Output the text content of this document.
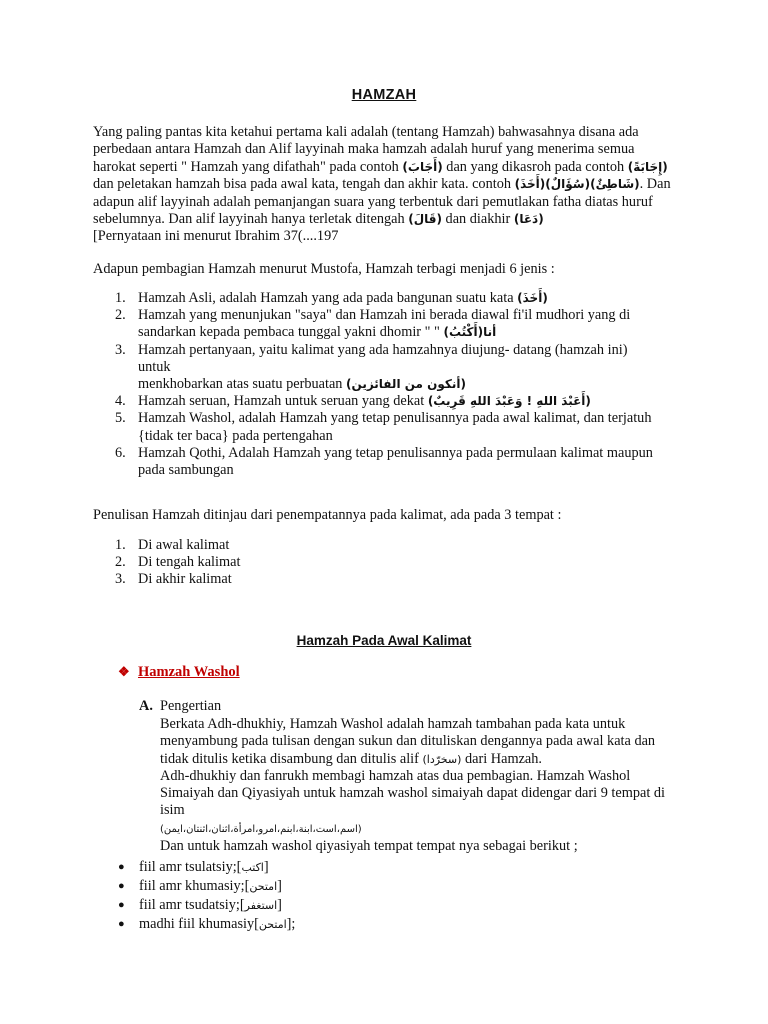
HAMZAH
Yang paling pantas kita ketahui pertama kali adalah (tentang Hamzah) bahwasahnya disana ada
perbedaan antara Hamzah dan Alif layyinah maka hamzah adalah huruf yang menerima semua
harokat seperti " Hamzah yang difathah" pada contoh (أَجَابَ) dan yang dikasroh pada contoh (إِجَابَةً)
dan peletakan hamzah bisa pada awal kata, tengah dan akhir kata. contoh (أَخَذَ)(سُؤَالٌ)(شَاطِئٌ). Dan
adapun alif layyinah adalah pemanjangan suara yang terbentuk dari pemutlakan fatha diatas huruf
sebelumnya. Dan alif layyinah hanya terletak ditengah (قَالَ) dan diakhir (دَعَا)
[Pernyataan ini menurut Ibrahim 37(....197
Adapun pembagian Hamzah menurut Mustofa, Hamzah terbagi menjadi 6 jenis :
1. Hamzah Asli, adalah Hamzah yang ada pada bangunan suatu kata (أَخَذَ)
2. Hamzah yang menunjukan "saya" dan Hamzah ini berada diawal fi'il mudhori yang di
sandarkan kepada pembaca tunggal yakni dhomir " " أنا(أَكْتُبُ)
3. Hamzah pertanyaan, yaitu kalimat yang ada hamzahnya diujung- datang (hamzah ini) untuk
menkhobarkan atas suatu perbuatan (أنكون من الفائزين)
4. Hamzah seruan, Hamzah untuk seruan yang dekat (أَعَبْدَ اللهِ ! وَعَبْدَ اللهِ قَرِيبٌ)
5. Hamzah Washol, adalah Hamzah yang tetap penulisannya pada awal kalimat, dan terjatuh
{tidak ter baca} pada pertengahan
6. Hamzah Qothi, Adalah Hamzah yang tetap penulisannya pada permulaan kalimat maupun
pada sambungan
Penulisan Hamzah ditinjau dari penempatannya pada kalimat, ada pada 3 tempat :
1. Di awal kalimat
2. Di tengah kalimat
3. Di akhir kalimat
Hamzah Pada Awal Kalimat
❖ Hamzah Washol
A. Pengertian
Berkata Adh-dhukhiy, Hamzah Washol adalah hamzah tambahan pada kata untuk
menyambung pada tulisan dengan sukun dan dituliskan dengannya pada awal kata dan
tidak ditulis ketika disambung dan ditulis alif (سخرّدا) dari Hamzah.
Adh-dhukhiy dan fanrukh membagi hamzah atas dua pembagian. Hamzah Washol
Simaiyah dan Qiyasiyah untuk hamzah washol simaiyah dapat didengar dari 9 tempat di
isim
(اسم،است،ابنة،ابنم،امرو،امرأة،اثنان،اثنتان،ايمن)
Dan untuk hamzah washol qiyasiyah tempat tempat nya sebagai berikut ;
● fiil amr tsulatsiy;[اكتب]
● fiil amr khumasiy;[امتحن]
● fiil amr tsudatsiy;[استغفر]
● madhi fiil khumasiy[امتحن];
